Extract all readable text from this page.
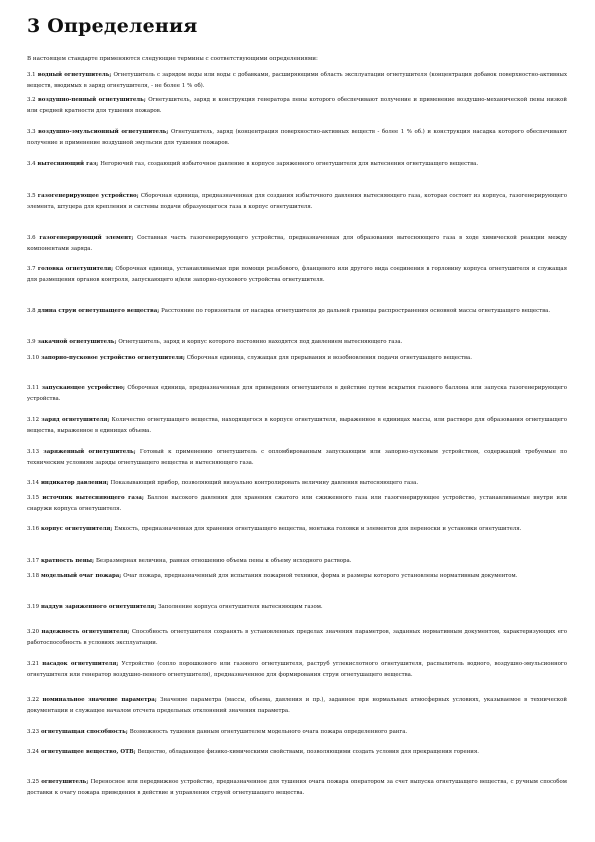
3 Определения
В настоящем стандарте применяются следующие термины с соответствующими определениями:
3.1 водный огнетушитель; Огнетушитель с зарядом воды или воды с добавками, расширяющими область эксплуатации огнетушителя (концентрация добавок поверхностно-активных веществ, вводимых в заряд огнетушителя, - не более 1 % об).
3.2 воздушно-пенный огнетушитель; Огнетушитель, заряд и конструкция генератора пены которого обеспечивают получение и применение воздушно-механической пены низкой или средней кратности для тушения пожаров.
3.3 воздушно-эмульсионный огнетушитель; Огнетушитель, заряд (концентрация поверхностно-активных веществ - более 1 % об.) и конструкция насадка которого обеспечивают получение и применение воздушной эмульсии для тушения пожаров.
3.4 вытесняющий газ; Негорючий газ, создающий избыточное давление в корпусе заряженного огнетушителя для вытеснения огнетушащего вещества.
3.5 газогенерирующее устройство; Сборочная единица, предназначенная для создания избыточного давления вытесняющего газа, которая состоит из корпуса, газогенерирующего элемента, штуцера для крепления и системы подачи образующегося газа в корпус огнетушителя.
3.6 газогенерирующий элемент; Составная часть газогенерирующего устройства, предназначенная для образования вытесняющего газа в ходе химической реакции между компонентами заряда.
3.7 головка огнетушителя; Сборочная единица, устанавливаемая при помощи резьбового, фланцевого или другого вида соединения в горловину корпуса огнетушителя и служащая для размещения органов контроля, запускающего и/или запорно-пускового устройства огнетушителя.
3.8 длина струи огнетушащего вещества; Расстояние по горизонтали от насадка огнетушителя до дальней границы распространения основной массы огнетушащего вещества.
3.9 закачной огнетушитель; Огнетушитель, заряд и корпус которого постоянно находятся под давлением вытесняющего газа.
3.10 запорно-пусковое устройство огнетушителя; Сборочная единица, служащая для прерывания и возобновления подачи огнетушащего вещества.
3.11 запускающее устройство; Сборочная единица, предназначенная для приведения огнетушителя в действие путем вскрытия газового баллона или запуска газогенерирующего устройства.
3.12 заряд огнетушителя; Количество огнетушащего вещества, находящегося в корпусе огнетушителя, выраженное в единицах массы, или растворе для образования огнетушащего вещества, выраженное в единицах объема.
3.13 заряженный огнетушитель; Готовый к применению огнетушитель с опломбированным запускающим или запорно-пусковым устройством, содержащий требуемые по техническим условиям заряды огнетушащего вещества и вытесняющего газа.
3.14 индикатор давления; Показывающий прибор, позволяющий визуально контролировать величину давления вытесняющего газа.
3.15 источник вытесняющего газа; Баллон высокого давления для хранения сжатого или сжиженного газа или газогенерирующее устройство, устанавливаемые внутри или снаружи корпуса огнетушителя.
3.16 корпус огнетушителя; Емкость, предназначенная для хранения огнетушащего вещества, монтажа головки и элементов для переноски и установки огнетушителя.
3.17 кратность пены; Безразмерная величина, равная отношению объема пены к объему исходного раствора.
3.18 модельный очаг пожара; Очаг пожара, предназначенный для испытания пожарной техники, форма и размеры которого установлены нормативным документом.
3.19 наддув заряженного огнетушителя; Заполнение корпуса огнетушителя вытесняющим газом.
3.20 надежность огнетушителя; Способность огнетушителя сохранять в установленных пределах значения параметров, заданных нормативным документом, характеризующих его работоспособность в условиях эксплуатации.
3.21 насадок огнетушителя; Устройство (сопло порошкового или газового огнетушителя, раструб углекислотного огнетушителя, распылитель водного, воздушно-эмульсионного огнетушителя или генератор воздушно-пенного огнетушителя), предназначенное для формирования струи огнетушащего вещества.
3.22 номинальное значение параметра; Значение параметра (массы, объема, давления и пр.), заданное при нормальных атмосферных условиях, указываемое в технической документации и служащее началом отсчета предельных отклонений значения параметра.
3.23 огнетушащая способность; Возможность тушения данным огнетушителем модельного очага пожара определенного ранга.
3.24 огнетушащее вещество, ОТВ; Вещество, обладающее физико-химическими свойствами, позволяющими создать условия для прекращения горения.
3.25 огнетушитель; Переносное или передвижное устройство, предназначенное для тушения очага пожара оператором за счет выпуска огнетушащего вещества, с ручным способом доставки к очагу пожара приведения в действие и управления струей огнетушащего вещества.
